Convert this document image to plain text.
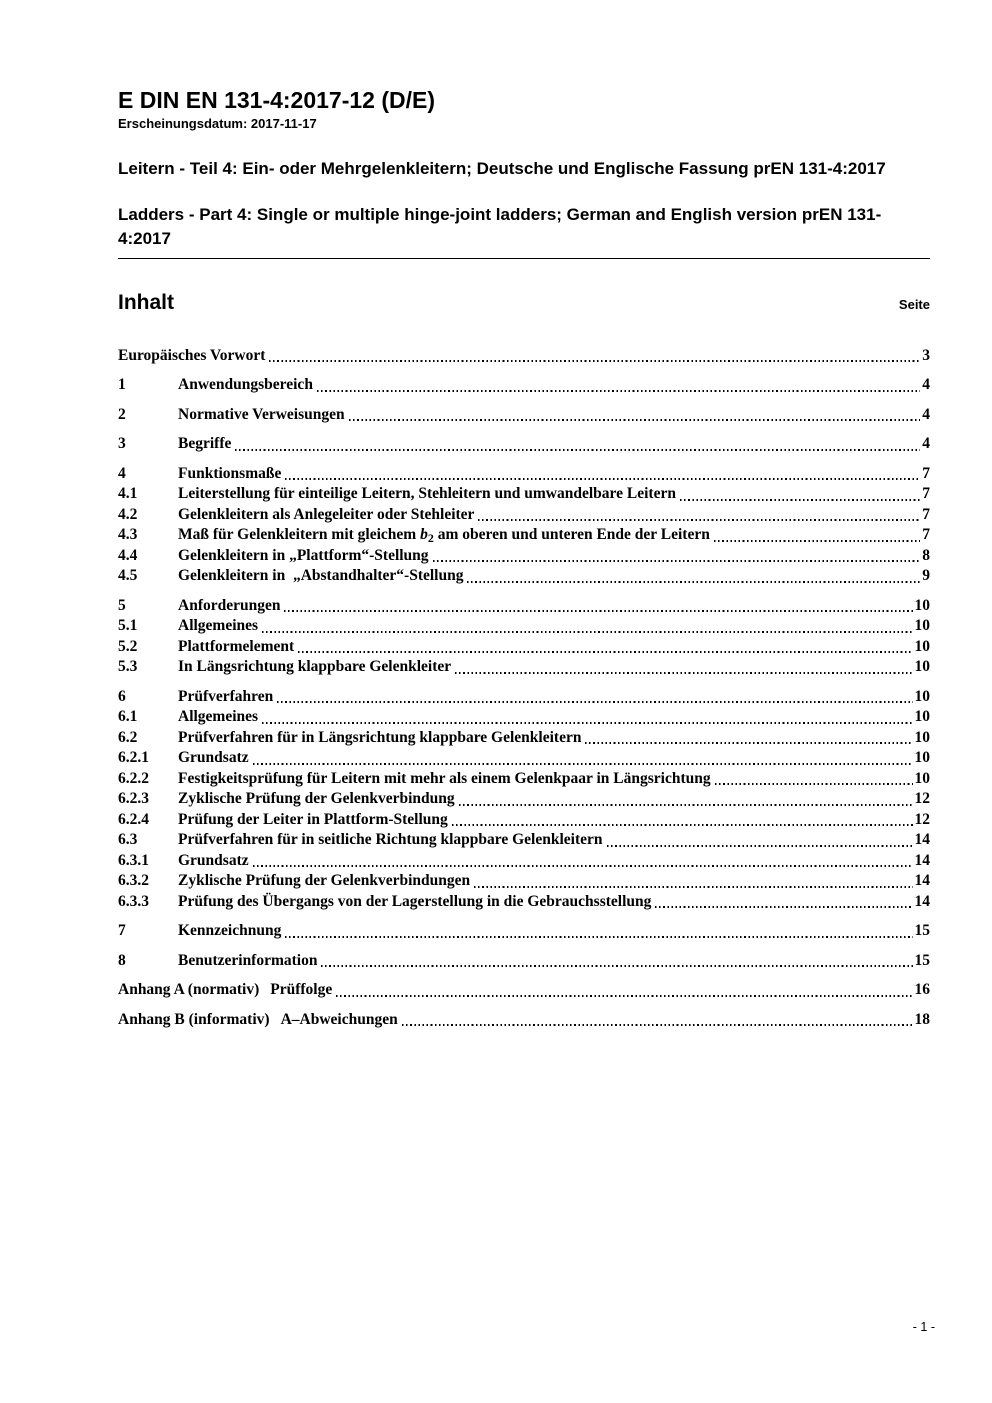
E DIN EN 131-4:2017-12 (D/E)
Erscheinungsdatum: 2017-11-17
Leitern - Teil 4: Ein- oder Mehrgelenkleitern; Deutsche und Englische Fassung prEN 131-4:2017
Ladders - Part 4: Single or multiple hinge-joint ladders; German and English version prEN 131-4:2017
Inhalt	Seite
Europäisches Vorwort	3
1	Anwendungsbereich	4
2	Normative Verweisungen	4
3	Begriffe	4
4	Funktionsmaße	7
4.1	Leiterstellung für einteilige Leitern, Stehleitern und umwandelbare Leitern	7
4.2	Gelenkleitern als Anlegeleiter oder Stehleiter	7
4.3	Maß für Gelenkleitern mit gleichem b2 am oberen und unteren Ende der Leitern	7
4.4	Gelenkleitern in „Plattform“-Stellung	8
4.5	Gelenkleitern in  „Abstandhalter“-Stellung	9
5	Anforderungen	10
5.1	Allgemeines	10
5.2	Plattformelement	10
5.3	In Längsrichtung klappbare Gelenkleiter	10
6	Prüfverfahren	10
6.1	Allgemeines	10
6.2	Prüfverfahren für in Längsrichtung klappbare Gelenkleitern	10
6.2.1	Grundsatz	10
6.2.2	Festigkeitsprüfung für Leitern mit mehr als einem Gelenkpaar in Längsrichtung	10
6.2.3	Zyklische Prüfung der Gelenkverbindung	12
6.2.4	Prüfung der Leiter in Plattform-Stellung	12
6.3	Prüfverfahren für in seitliche Richtung klappbare Gelenkleitern	14
6.3.1	Grundsatz	14
6.3.2	Zyklische Prüfung der Gelenkverbindungen	14
6.3.3	Prüfung des Übergangs von der Lagerstellung in die Gebrauchsstellung	14
7	Kennzeichnung	15
8	Benutzerinformation	15
Anhang A (normativ) Prüffolge	16
Anhang B (informativ) A–Abweichungen	18
- 1 -
